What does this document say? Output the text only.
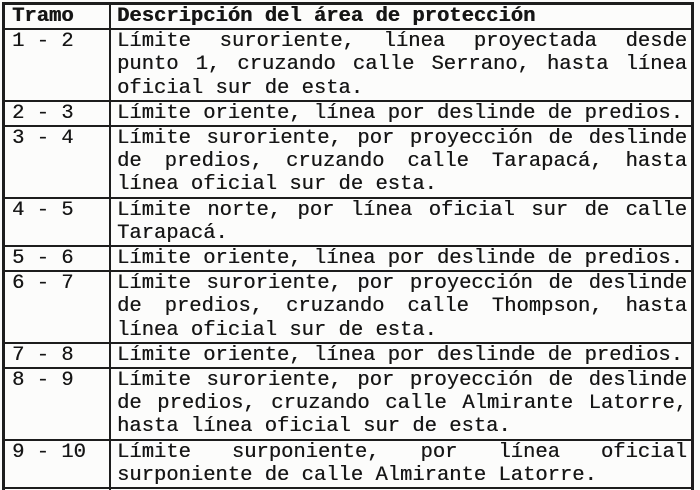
Tramo	Descripción del área de protección
1 - 2	Límite suroriente, línea proyectada desde punto 1, cruzando calle Serrano, hasta línea oficial sur de esta.
2 - 3	Límite oriente, línea por deslinde de predios.
3 - 4	Límite suroriente, por proyección de deslinde de predios, cruzando calle Tarapacá, hasta línea oficial sur de esta.
4 - 5	Límite norte, por línea oficial sur de calle Tarapacá.
5 - 6	Límite oriente, línea por deslinde de predios.
6 - 7	Límite suroriente, por proyección de deslinde de predios, cruzando calle Thompson, hasta línea oficial sur de esta.
7 - 8	Límite oriente, línea por deslinde de predios.
8 - 9	Límite suroriente, por proyección de deslinde de predios, cruzando calle Almirante Latorre, hasta línea oficial sur de esta.
9 - 10	Límite surponiente, por línea oficial surponiente de calle Almirante Latorre.
